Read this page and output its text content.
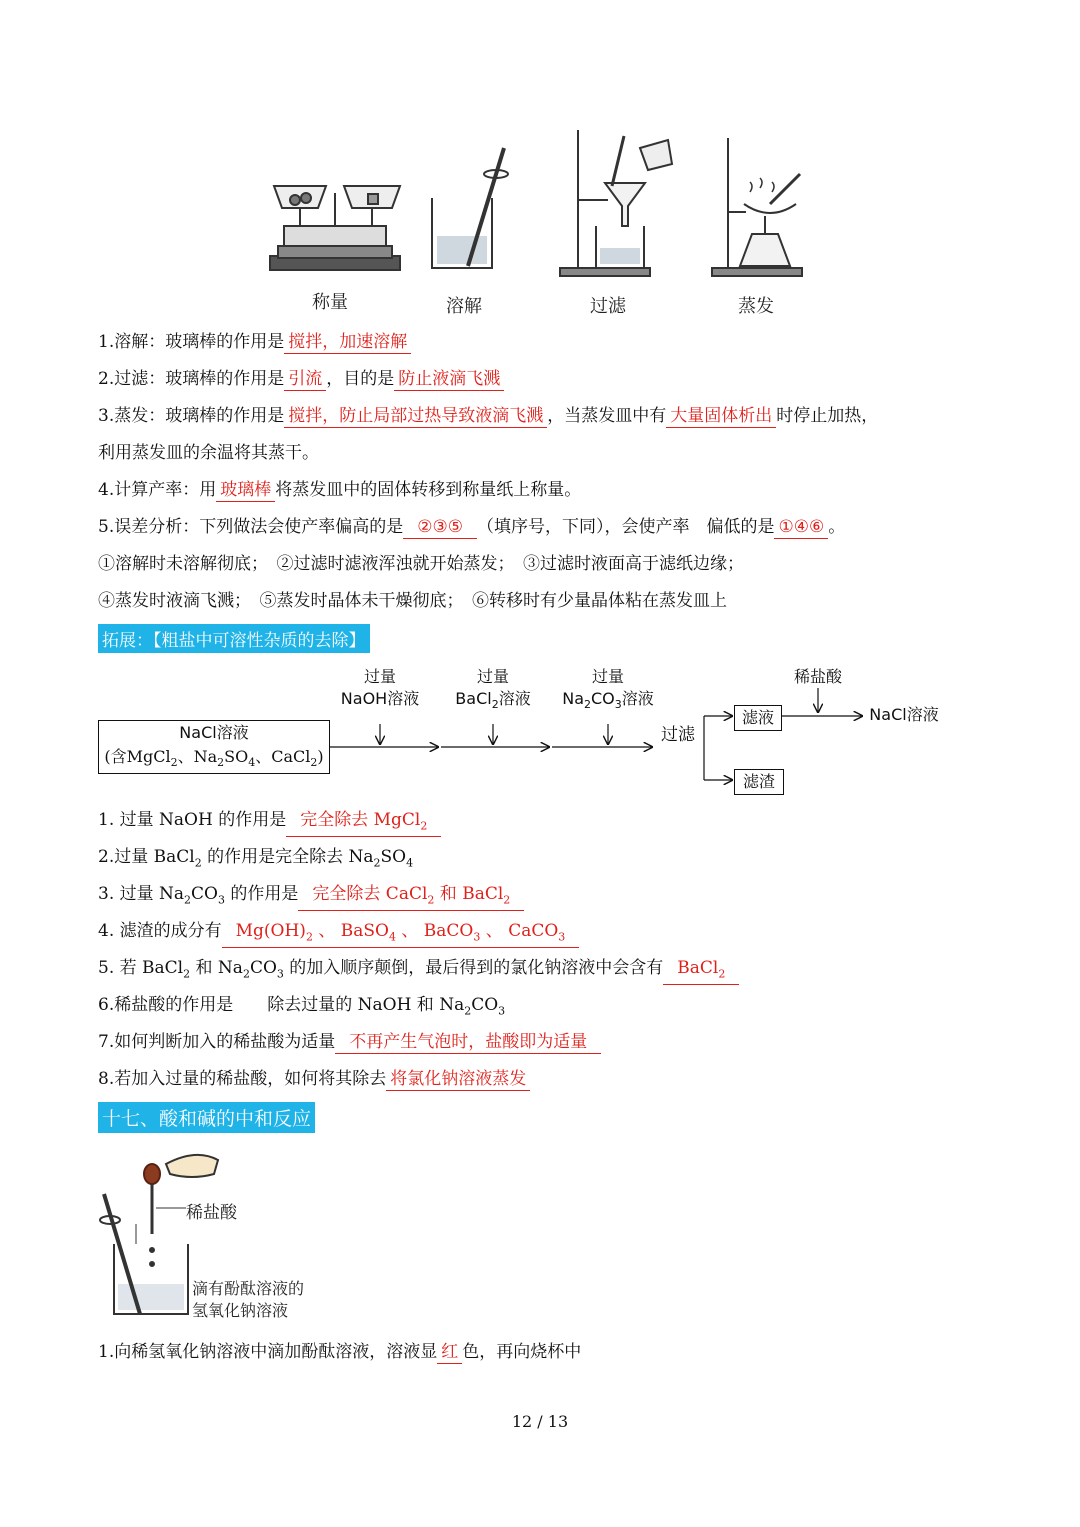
称量	溶解	过滤	蒸发
1.溶解：玻璃棒的作用是 搅拌，加速溶解
2.过滤：玻璃棒的作用是 引流 ，目的是 防止液滴飞溅
3.蒸发：玻璃棒的作用是 搅拌，防止局部过热导致液滴飞溅 ，当蒸发皿中有 大量固体析出 时停止加热，
利用蒸发皿的余温将其蒸干。
4.计算产率：用 玻璃棒 将蒸发皿中的固体转移到称量纸上称量。
5.误差分析：下列做法会使产率偏高的是 ②③⑤ （填序号，下同），会使产率　偏低的是 ①④⑥ 。
①溶解时未溶解彻底；　②过滤时滤液浑浊就开始蒸发；　③过滤时液面高于滤纸边缘；
④蒸发时液滴飞溅；　⑤蒸发时晶体未干燥彻底；　⑥转移时有少量晶体粘在蒸发皿上
拓展：【粗盐中可溶性杂质的去除】
NaCl溶液
(含MgCl$_2$、$Na_2SO_4$、CaCl$_2$)
过量
NaOH溶液
过量
BaCl$_2$溶液
过量
$Na_2CO_3$溶液
过滤
滤液
滤渣
稀盐酸
NaCl溶液
1. 过量 NaOH 的作用是 完全除去 MgCl$_2$
2.过量 BaCl$_2$ 的作用是完全除去 $Na_2SO_4$
3. 过量 $Na_2CO_3$ 的作用是 完全除去 CaCl$_2$ 和 BaCl$_2$
4. 滤渣的成分有 $Mg(OH)_2$ 、 BaSO$_4$ 、 BaCO$_3$ 、 CaCO$_3$
5. 若 BaCl$_2$ 和 $Na_2CO_3$ 的加入顺序颠倒，最后得到的氯化钠溶液中会含有 BaCl$_2$
6.稀盐酸的作用是　　除去过量的 NaOH 和 $Na_2CO_3$
7.如何判断加入的稀盐酸为适量 不再产生气泡时，盐酸即为适量
8.若加入过量的稀盐酸，如何将其除去 将氯化钠溶液蒸发
十七、酸和碱的中和反应
稀盐酸
滴有酚酞溶液的
氢氧化钠溶液
1.向稀氢氧化钠溶液中滴加酚酞溶液，溶液显 红 色，再向烧杯中
12 / 13
